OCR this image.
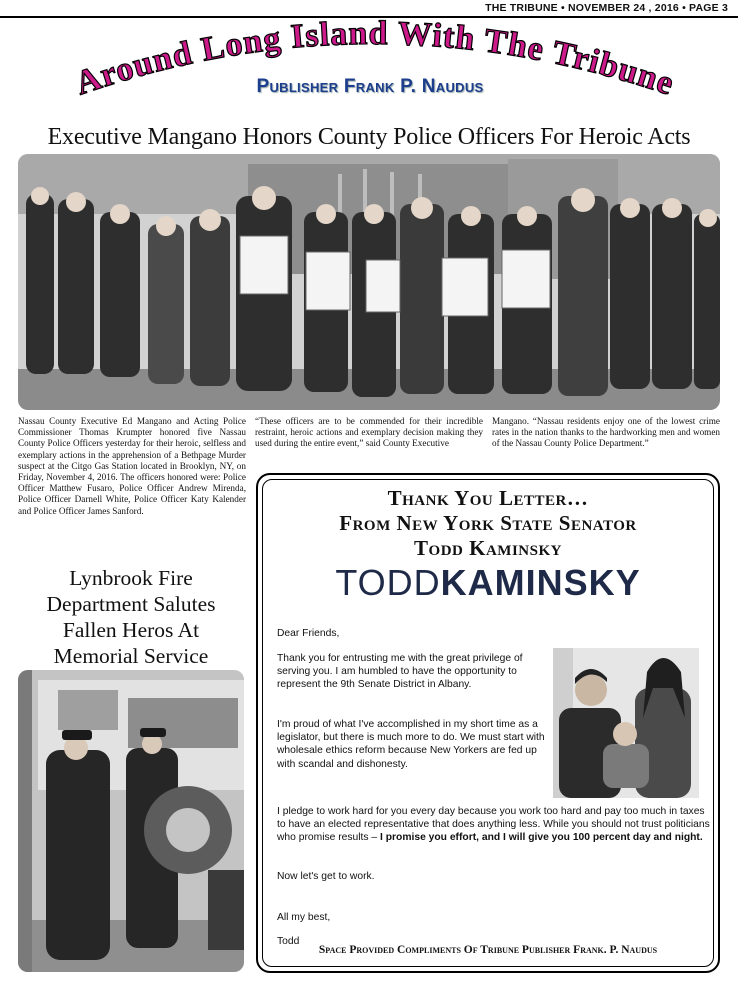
THE TRIBUNE • NOVEMBER 24 , 2016 • PAGE 3
Around Long Island With The Tribune
Publisher Frank P. Naudus
Executive Mangano Honors County Police Officers For Heroic Acts

Nassau County Executive Ed Mangano and Acting Police Commissioner Thomas Krumpter honored five Nassau County Police Officers yesterday for their heroic, selfless and exemplary actions in the apprehension of a Bethpage Murder suspect at the Citgo Gas Station located in Brooklyn, NY, on Friday, November 4, 2016. The officers honored were: Police Officer Matthew Fusaro, Police Officer Andrew Mirenda, Police Officer Darnell White, Police Officer Katy Kalender and Police Officer James Sanford.

“These officers are to be commended for their incredible restraint, heroic actions and exemplary decision making they used during the entire event,” said County Executive

Mangano. “Nassau residents enjoy one of the lowest crime rates in the nation thanks to the hardworking men and women of the Nassau County Police Department.”

Lynbrook Fire Department Salutes Fallen Heros At Memorial Service
Thank You Letter…
From New York State Senator
Todd Kaminsky
TODDKAMINSKY

Dear Friends,

Thank you for entrusting me with the great privilege of serving you. I am humbled to have the opportunity to represent the 9th Senate District in Albany.

I'm proud of what I've accomplished in my short time as a legislator, but there is much more to do. We must start with wholesale ethics reform because New Yorkers are fed up with scandal and dishonesty.

I pledge to work hard for you every day because you work too hard and pay too much in taxes to have an elected representative that does anything less. While you should not trust politicians who promise results – I promise you effort, and I will give you 100 percent day and night.

Now let's get to work.

All my best,

Todd

Space Provided Compliments Of Tribune Publisher Frank. P. Naudus
